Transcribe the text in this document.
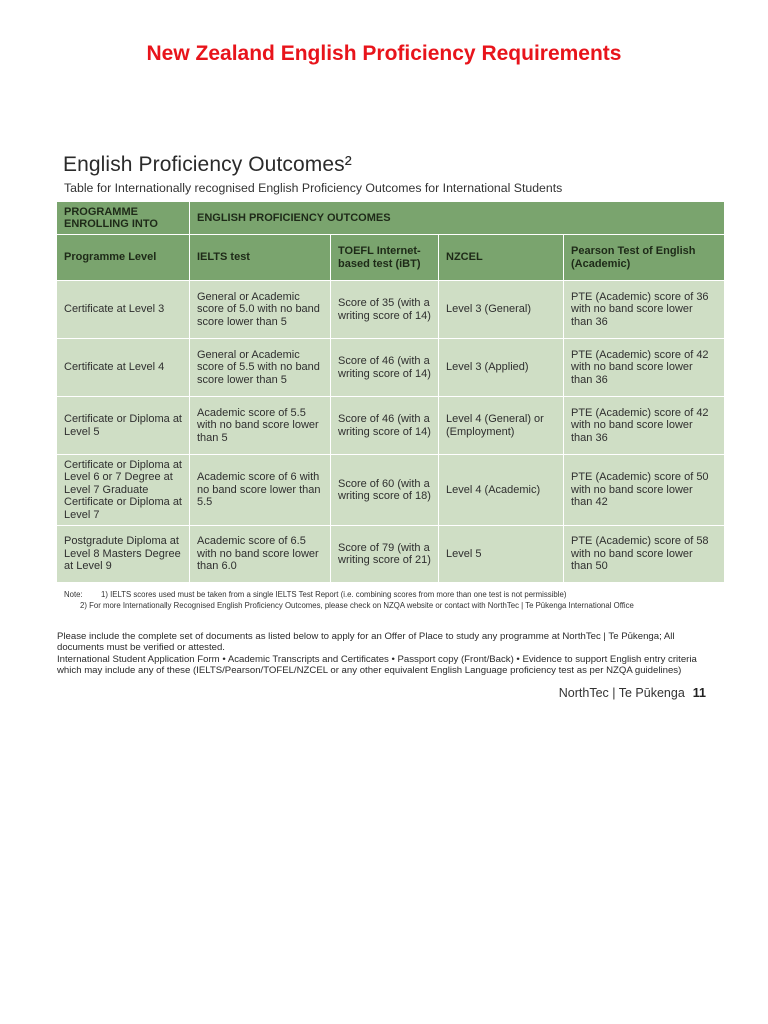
New Zealand English Proficiency Requirements
English Proficiency Outcomes²
Table for Internationally recognised English Proficiency Outcomes for International Students
PROGRAMME ENROLLING INTO	ENGLISH PROFICIENCY OUTCOMES			
Programme Level	IELTS test	TOEFL Internet-based test (iBT)	NZCEL	Pearson Test of English (Academic)
Certificate at Level 3	General or Academic score of 5.0 with no band score lower than 5	Score of 35 (with a writing score of 14)	Level 3 (General)	PTE (Academic) score of 36 with no band score lower than 36
Certificate at Level 4	General or Academic score of 5.5 with no band score lower than 5	Score of 46 (with a writing score of 14)	Level 3 (Applied)	PTE (Academic) score of 42 with no band score lower than 36
Certificate or Diploma at Level 5	Academic score of 5.5 with no band score lower than 5	Score of 46 (with a writing score of 14)	Level 4 (General) or (Employment)	PTE (Academic) score of 42 with no band score lower than 36
Certificate or Diploma at Level 6 or 7 Degree at Level 7 Graduate Certificate or Diploma at Level 7	Academic score of 6 with no band score lower than 5.5	Score of 60 (with a writing score of 18)	Level 4 (Academic)	PTE (Academic) score of 50 with no band score lower than 42
Postgradute Diploma at Level 8 Masters Degree at Level 9	Academic score of 6.5 with no band score lower than 6.0	Score of 79 (with a writing score of 21)	Level 5	PTE (Academic) score of 58 with no band score lower than 50
Note: 1) IELTS scores used must be taken from a single IELTS Test Report (i.e. combining scores from more than one test is not permissible)
2) For more Internationally Recognised English Proficiency Outcomes, please check on NZQA website or contact with NorthTec | Te Pūkenga International Office

Please include the complete set of documents as listed below to apply for an Offer of Place to study any programme at NorthTec | Te Pūkenga; All documents must be verified or attested.

International Student Application Form • Academic Transcripts and Certificates • Passport copy (Front/Back) • Evidence to support English entry criteria which may include any of these (IELTS/Pearson/TOFEL/NZCEL or any other equivalent English Language proficiency test as per NZQA guidelines)

NorthTec | Te Pūkenga 11
